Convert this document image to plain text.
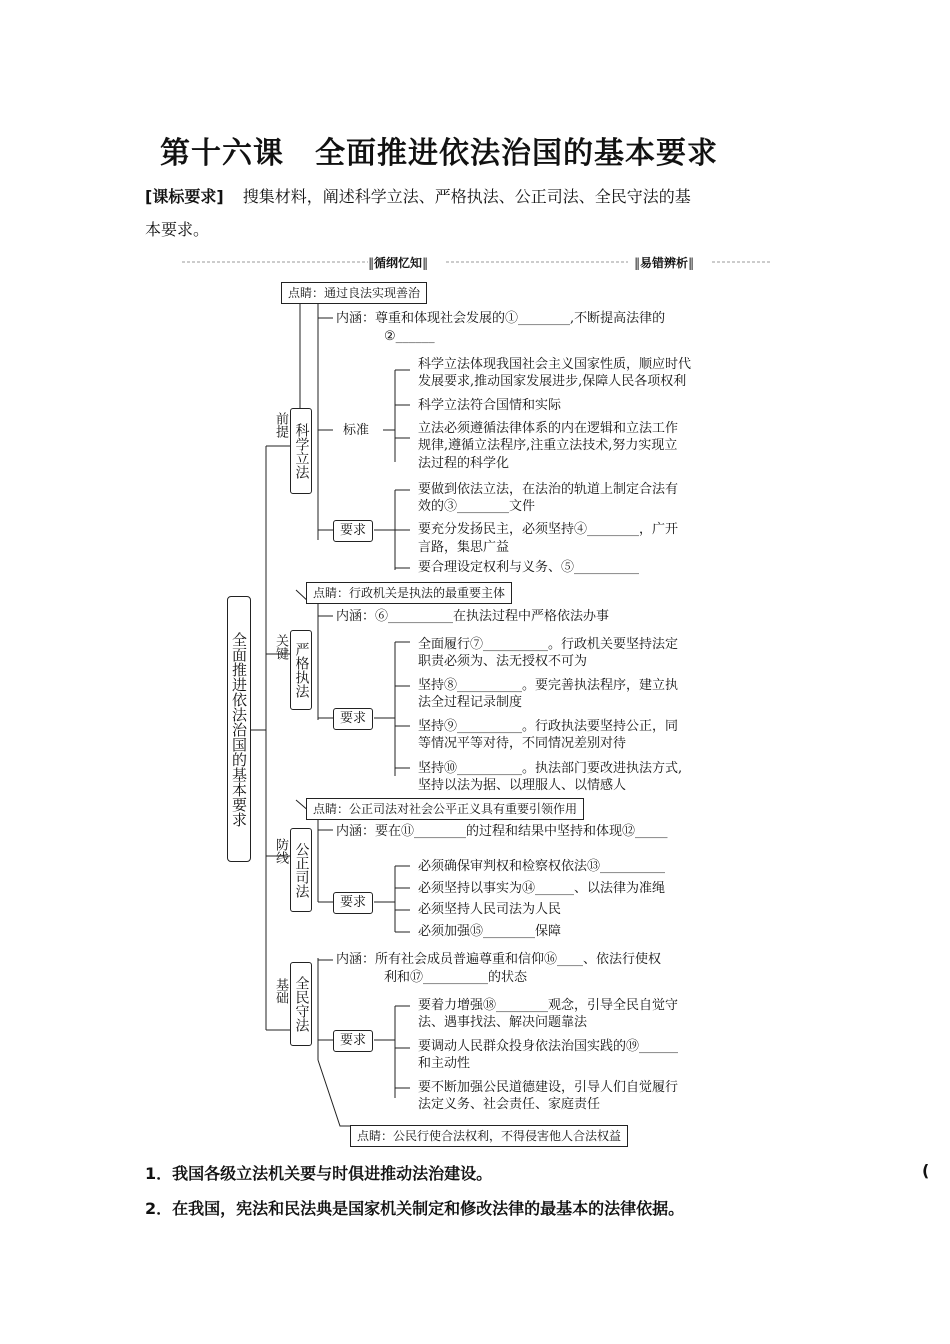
第十六课　全面推进依法治国的基本要求
[课标要求] 搜集材料，阐述科学立法、严格执法、公正司法、全民守法的基
本要求。
‖循纲忆知‖	‖易错辨析‖
全面推进依法治国的基本要求
点睛：通过良法实现善治
前提 科学立法
内涵：尊重和体现社会发展的①________,不断提高法律的
②______
标准
科学立法体现我国社会主义国家性质，顺应时代
发展要求,推动国家发展进步,保障人民各项权利
科学立法符合国情和实际
立法必须遵循法律体系的内在逻辑和立法工作
规律,遵循立法程序,注重立法技术,努力实现立
法过程的科学化
要求
要做到依法立法，在法治的轨道上制定合法有
效的③________文件
要充分发扬民主，必须坚持④________，广开
言路，集思广益
要合理设定权利与义务、⑤__________
点睛：行政机关是执法的最重要主体
关键 严格执法
内涵：⑥__________在执法过程中严格依法办事
要求
全面履行⑦__________。行政机关要坚持法定
职责必须为、法无授权不可为
坚持⑧__________。要完善执法程序，建立执
法全过程记录制度
坚持⑨__________。行政执法要坚持公正，同
等情况平等对待，不同情况差别对待
坚持⑩__________。执法部门要改进执法方式,
坚持以法为据、以理服人、以情感人
点睛：公正司法对社会公平正义具有重要引领作用
防线 公正司法
内涵：要在⑪________的过程和结果中坚持和体现⑫_____
要求
必须确保审判权和检察权依法⑬__________
必须坚持以事实为⑭______、以法律为准绳
必须坚持人民司法为人民
必须加强⑮________保障
基础 全民守法
内涵：所有社会成员普遍尊重和信仰⑯____、依法行使权
利和⑰__________的状态
要求
要着力增强⑱________观念，引导全民自觉守
法、遇事找法、解决问题靠法
要调动人民群众投身依法治国实践的⑲______
和主动性
要不断加强公民道德建设，引导人们自觉履行
法定义务、社会责任、家庭责任
点睛：公民行使合法权利，不得侵害他人合法权益
1．我国各级立法机关要与时俱进推动法治建设。	(
2．在我国，宪法和民法典是国家机关制定和修改法律的最基本的法律依据。
